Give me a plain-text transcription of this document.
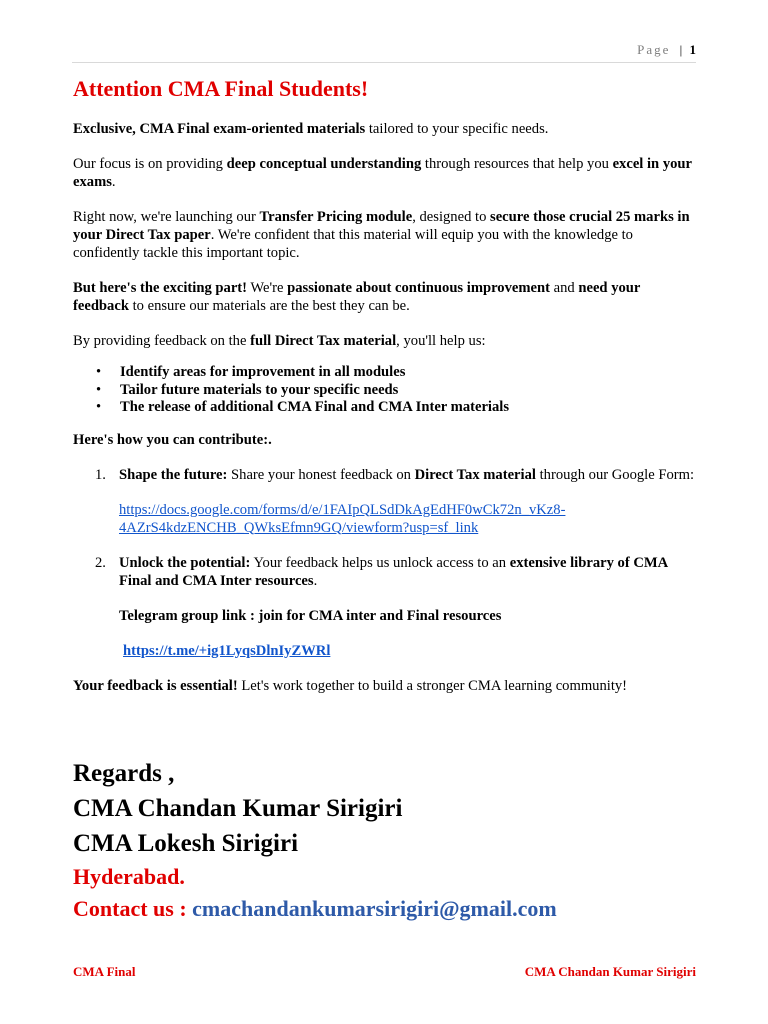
Page | 1
Attention CMA Final Students!

Exclusive, CMA Final exam-oriented materials tailored to your specific needs.

Our focus is on providing deep conceptual understanding through resources that help you excel in your exams.

Right now, we're launching our Transfer Pricing module, designed to secure those crucial 25 marks in your Direct Tax paper. We're confident that this material will equip you with the knowledge to confidently tackle this important topic.

But here's the exciting part! We're passionate about continuous improvement and need your feedback to ensure our materials are the best they can be.

By providing feedback on the full Direct Tax material, you'll help us:

• Identify areas for improvement in all modules
• Tailor future materials to your specific needs
• The release of additional CMA Final and CMA Inter materials

Here's how you can contribute:.

1. Shape the future: Share your honest feedback on Direct Tax material through our Google Form:

https://docs.google.com/forms/d/e/1FAIpQLSdDkAgEdHF0wCk72n_vKz8-4AZrS4kdzENCHB_QWksEfmn9GQ/viewform?usp=sf_link

2. Unlock the potential: Your feedback helps us unlock access to an extensive library of CMA Final and CMA Inter resources.

Telegram group link : join for CMA inter and Final resources

https://t.me/+ig1LyqsDlnIyZWRl

Your feedback is essential! Let's work together to build a stronger CMA learning community!

Regards ,
CMA Chandan Kumar Sirigiri
CMA Lokesh Sirigiri
Hyderabad.
Contact us : cmachandankumarsirigiri@gmail.com
CMA Final	CMA Chandan Kumar Sirigiri
